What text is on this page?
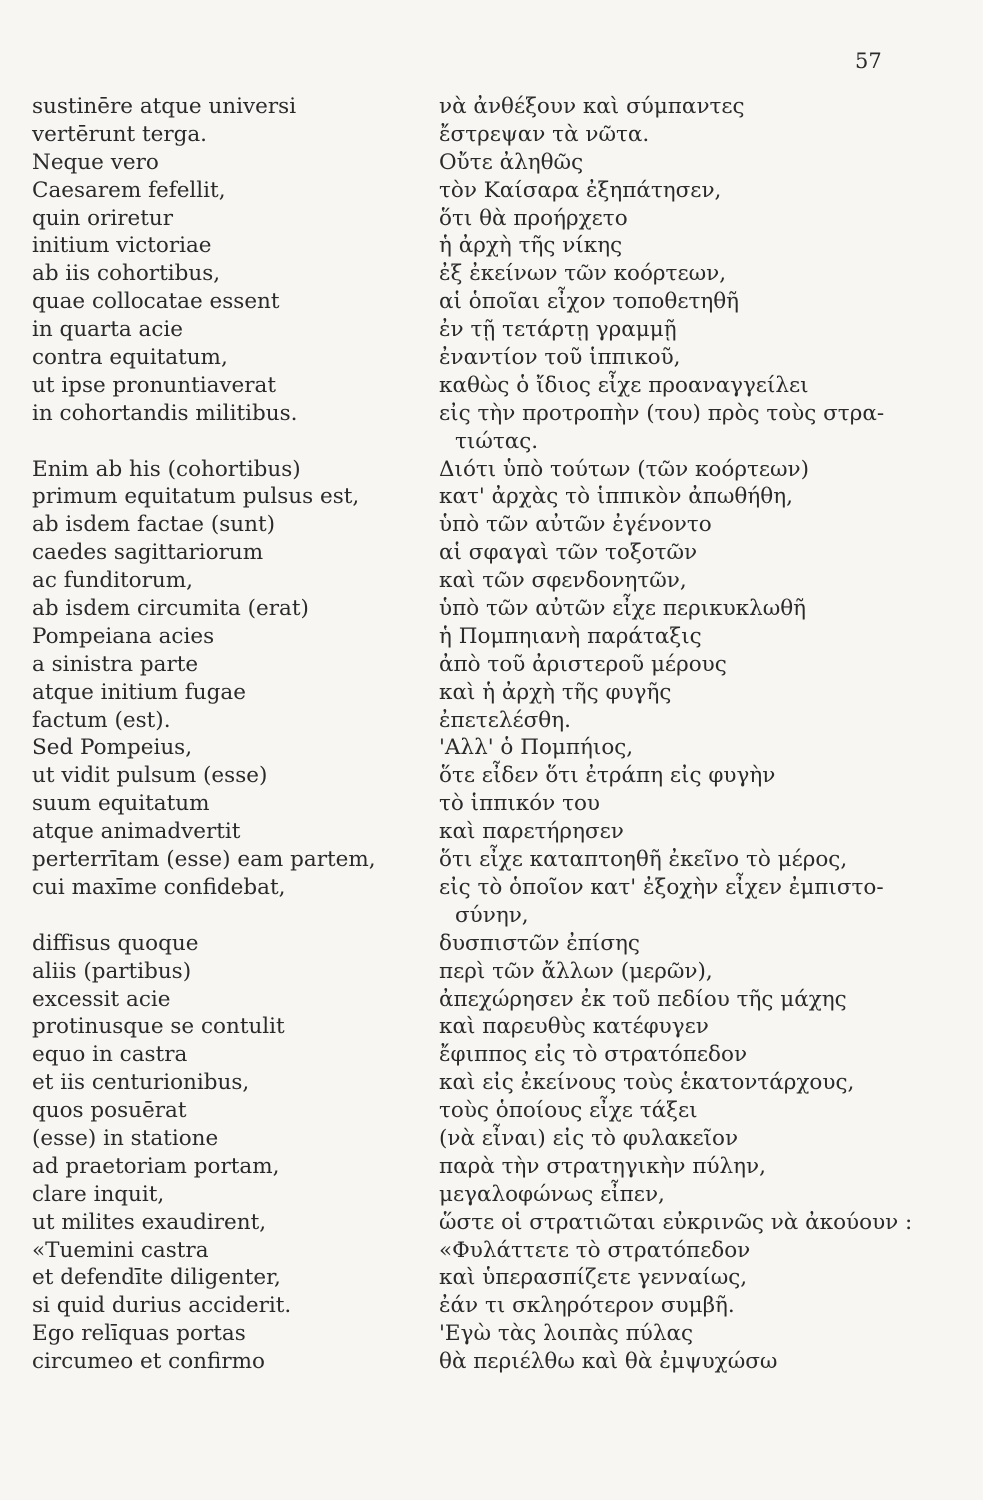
57
sustinēre atque universi
vertērunt terga.
Neque vero
Caesarem fefellit,
quin oriretur
initium victoriae
ab iis cohortibus,
quae collocatae essent
in quarta acie
contra equitatum,
ut ipse pronuntiaverat
in cohortandis militibus.
Enim ab his (cohortibus)
primum equitatum pulsus est,
ab isdem factae (sunt)
caedes sagittariorum
ac funditorum,
ab isdem circumita (erat)
Pompeiana acies
a sinistra parte
atque initium fugae
factum (est).
Sed Pompeius,
ut vidit pulsum (esse)
suum equitatum
atque animadvertit
perterrītam (esse) eam partem,
cui maxīme confidebat,
diffisus quoque
aliis (partibus)
excessit acie
protinusque se contulit
equo in castra
et iis centurionibus,
quos posuērat
(esse) in statione
ad praetoriam portam,
clare inquit,
ut milites exaudirent,
«Tuemini castra
et defendīte diligenter,
si quid durius acciderit.
Ego relīquas portas
circumeo et confirmo
νὰ ἀνθέξουν καὶ σύμπαντες
ἔστρεψαν τὰ νῶτα.
Οὔτε ἀληθῶς
τὸν Καίσαρα ἐξηπάτησεν,
ὅτι θὰ προήρχετο
ἡ ἀρχὴ τῆς νίκης
ἐξ ἐκείνων τῶν κοόρτεων,
αἱ ὁποῖαι εἶχον τοποθετηθῆ
ἐν τῇ τετάρτῃ γραμμῇ
ἐναντίον τοῦ ἱππικοῦ,
καθὼς ὁ ἴδιος εἶχε προαναγγείλει
εἰς τὴν προτροπὴν (του) πρὸς τοὺς στρα-
τιώτας.
Διότι ὑπὸ τούτων (τῶν κοόρτεων)
κατ' ἀρχὰς τὸ ἱππικὸν ἀπωθήθη,
ὑπὸ τῶν αὐτῶν ἐγένοντο
αἱ σφαγαὶ τῶν τοξοτῶν
καὶ τῶν σφενδονητῶν,
ὑπὸ τῶν αὐτῶν εἶχε περικυκλωθῆ
ἡ Πομπηιανὴ παράταξις
ἀπὸ τοῦ ἀριστεροῦ μέρους
καὶ ἡ ἀρχὴ τῆς φυγῆς
ἐπετελέσθη.
'Αλλ' ὁ Πομπήιος,
ὅτε εἶδεν ὅτι ἐτράπη εἰς φυγὴν
τὸ ἱππικόν του
καὶ παρετήρησεν
ὅτι εἶχε καταπτοηθῆ ἐκεῖνο τὸ μέρος,
εἰς τὸ ὁποῖον κατ' ἐξοχὴν εἶχεν ἐμπιστο-
σύνην,
δυσπιστῶν ἐπίσης
περὶ τῶν ἄλλων (μερῶν),
ἀπεχώρησεν ἐκ τοῦ πεδίου τῆς μάχης
καὶ παρευθὺς κατέφυγεν
ἔφιππος εἰς τὸ στρατόπεδον
καὶ εἰς ἐκείνους τοὺς ἑκατοντάρχους,
τοὺς ὁποίους εἶχε τάξει
(νὰ εἶναι) εἰς τὸ φυλακεῖον
παρὰ τὴν στρατηγικὴν πύλην,
μεγαλοφώνως εἶπεν,
ὥστε οἱ στρατιῶται εὐκρινῶς νὰ ἀκούουν :
«Φυλάττετε τὸ στρατόπεδον
καὶ ὑπερασπίζετε γενναίως,
ἐάν τι σκληρότερον συμβῆ.
'Εγὼ τὰς λοιπὰς πύλας
θὰ περιέλθω καὶ θὰ ἐμψυχώσω
